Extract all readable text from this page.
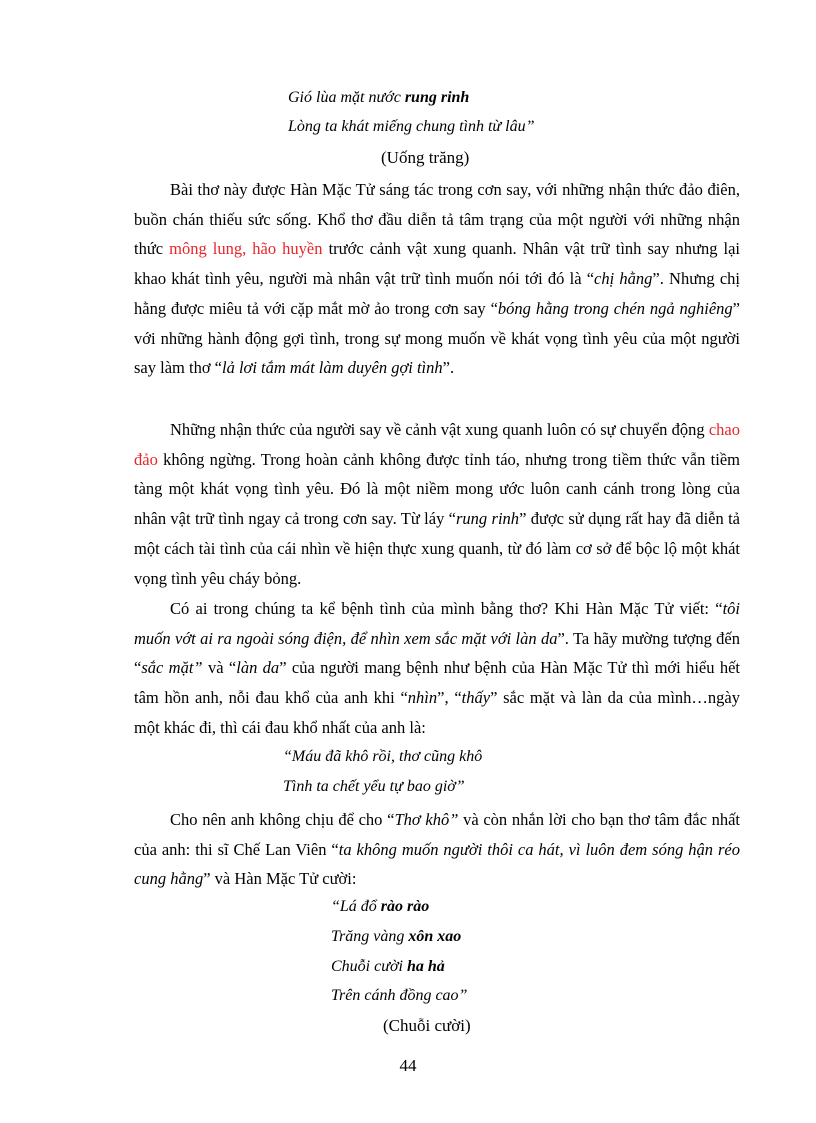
Gió lùa mặt nước rung rinh
Lòng ta khát miếng chung tình từ lâu”
(Uống trăng)
Bài thơ này được Hàn Mặc Tử sáng tác trong cơn say, với những nhận thức đảo điên, buồn chán thiếu sức sống. Khổ thơ đầu diễn tả tâm trạng của một người với những nhận thức mông lung, hão huyền trước cảnh vật xung quanh. Nhân vật trữ tình say nhưng lại khao khát tình yêu, người mà nhân vật trữ tình muốn nói tới đó là “chị hằng”. Nhưng chị hằng được miêu tả với cặp mắt mờ ảo trong cơn say “bóng hằng trong chén ngả nghiêng” với những hành động gợi tình, trong sự mong muốn về khát vọng tình yêu của một người say làm thơ “lả lơi tắm mát làm duyên gợi tình”.
Những nhận thức của người say về cảnh vật xung quanh luôn có sự chuyển động chao đảo không ngừng. Trong hoàn cảnh không được tỉnh táo, nhưng trong tiềm thức vẫn tiềm tàng một khát vọng tình yêu. Đó là một niềm mong ước luôn canh cánh trong lòng của nhân vật trữ tình ngay cả trong cơn say. Từ láy “rung rinh” được sử dụng rất hay đã diễn tả một cách tài tình của cái nhìn về hiện thực xung quanh, từ đó làm cơ sở để bộc lộ một khát vọng tình yêu cháy bỏng.
Có ai trong chúng ta kể bệnh tình của mình bằng thơ? Khi Hàn Mặc Tử viết: “tôi muốn vớt ai ra ngoài sóng điện, để nhìn xem sắc mặt với làn da”. Ta hãy mường tượng đến “sắc mặt” và “làn da” của người mang bệnh như bệnh của Hàn Mặc Tử thì mới hiểu hết tâm hồn anh, nỗi đau khổ của anh khi “nhìn”, “thấy” sắc mặt và làn da của mình…ngày một khác đi, thì cái đau khổ nhất của anh là:
“Máu đã khô rồi, thơ cũng khô
Tình ta chết yểu tự bao giờ”
Cho nên anh không chịu để cho “Thơ khô” và còn nhắn lời cho bạn thơ tâm đắc nhất của anh: thi sĩ Chế Lan Viên “ta không muốn người thôi ca hát, vì luôn đem sóng hận réo cung hằng” và Hàn Mặc Tử cười:
“Lá đổ rào rào
Trăng vàng xôn xao
Chuỗi cười ha hả
Trên cánh đồng cao”
(Chuỗi cười)
44
